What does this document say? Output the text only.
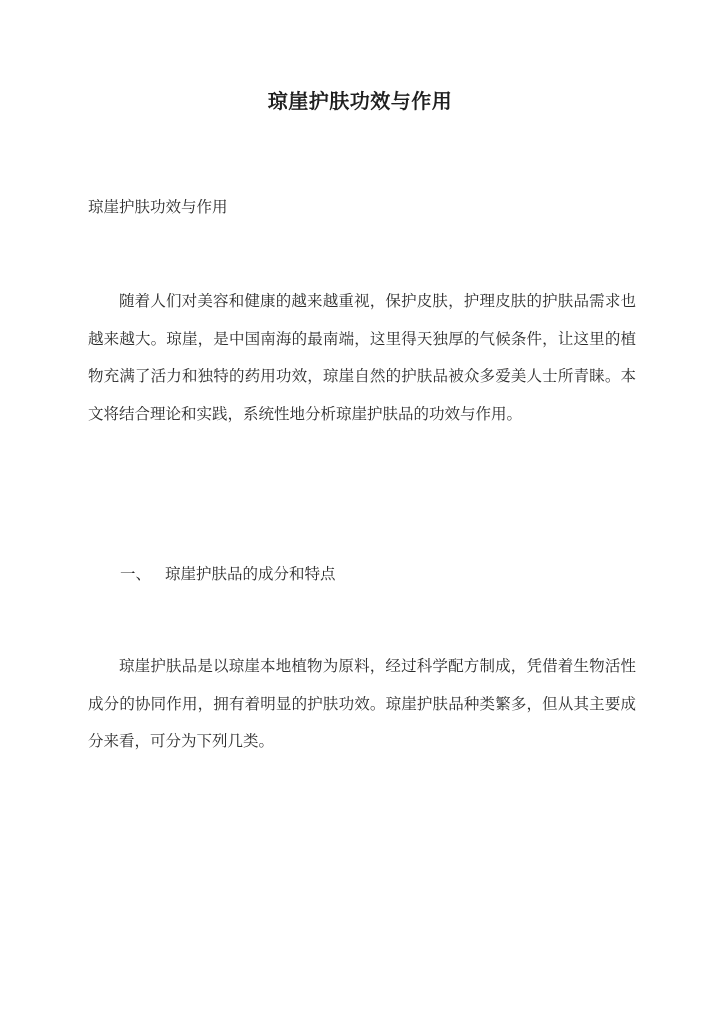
琼崖护肤功效与作用
琼崖护肤功效与作用
随着人们对美容和健康的越来越重视，保护皮肤，护理皮肤的护肤品需求也越来越大。琼崖，是中国南海的最南端，这里得天独厚的气候条件，让这里的植物充满了活力和独特的药用功效，琼崖自然的护肤品被众多爱美人士所青睐。本文将结合理论和实践，系统性地分析琼崖护肤品的功效与作用。
一、 琼崖护肤品的成分和特点
琼崖护肤品是以琼崖本地植物为原料，经过科学配方制成，凭借着生物活性成分的协同作用，拥有着明显的护肤功效。琼崖护肤品种类繁多，但从其主要成分来看，可分为下列几类。
